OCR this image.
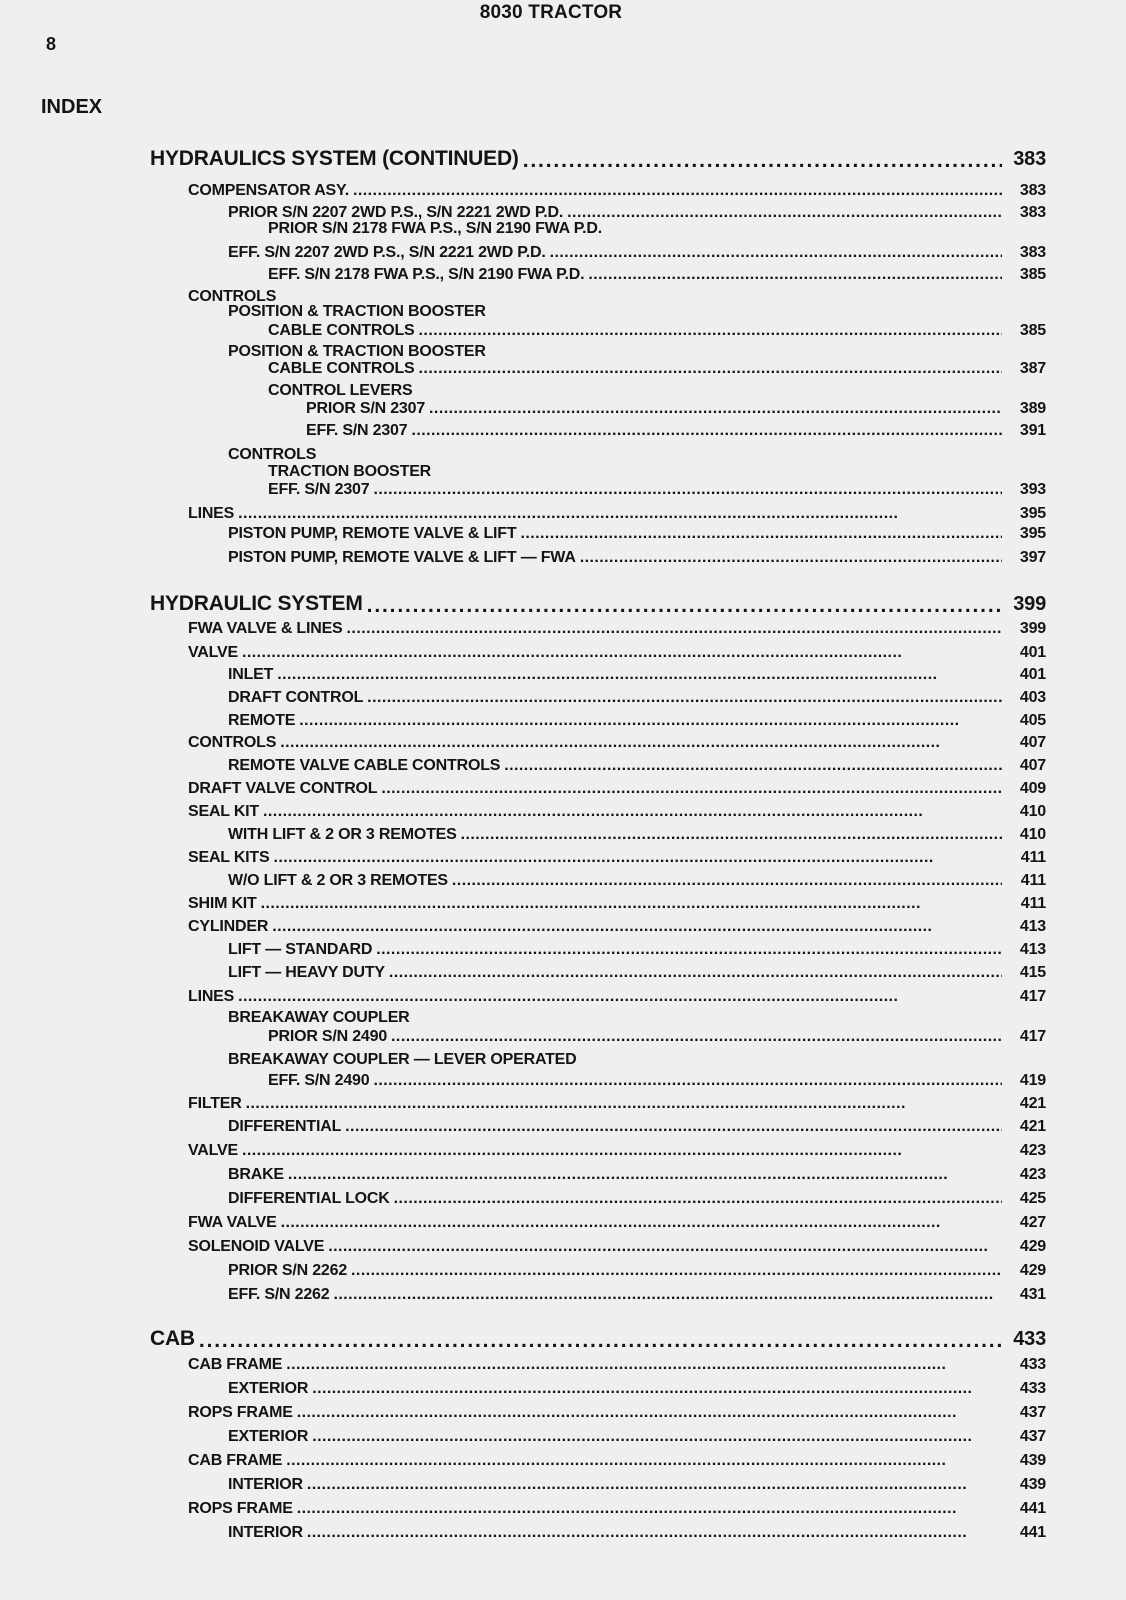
8030 TRACTOR
8
INDEX
HYDRAULICS SYSTEM (CONTINUED) . . .	383
COMPENSATOR ASY. . . .	383
PRIOR S/N 2207 2WD P.S., S/N 2221 2WD P.D. . . .	383
PRIOR S/N 2178 FWA P.S., S/N 2190 FWA P.D.
EFF. S/N 2207 2WD P.S., S/N 2221 2WD P.D. . . .	383
EFF. S/N 2178 FWA P.S., S/N 2190 FWA P.D. . . .	385
CONTROLS
POSITION & TRACTION BOOSTER
CABLE CONTROLS . . .	385
POSITION & TRACTION BOOSTER
CABLE CONTROLS . . .	387
CONTROL LEVERS
PRIOR S/N 2307 . . .	389
EFF. S/N 2307 . . .	391
CONTROLS
TRACTION BOOSTER
EFF. S/N 2307 . . .	393
LINES . . .	395
PISTON PUMP, REMOTE VALVE & LIFT . . .	395
PISTON PUMP, REMOTE VALVE & LIFT — FWA . . .	397
HYDRAULIC SYSTEM . . .	399
FWA VALVE & LINES . . .	399
VALVE . . .	401
INLET . . .	401
DRAFT CONTROL . . .	403
REMOTE . . .	405
CONTROLS . . .	407
REMOTE VALVE CABLE CONTROLS . . .	407
DRAFT VALVE CONTROL . . .	409
SEAL KIT . . .	410
WITH LIFT & 2 OR 3 REMOTES . . .	410
SEAL KITS . . .	411
W/O LIFT & 2 OR 3 REMOTES . . .	411
SHIM KIT . . .	411
CYLINDER . . .	413
LIFT — STANDARD . . .	413
LIFT — HEAVY DUTY . . .	415
LINES . . .	417
BREAKAWAY COUPLER
PRIOR S/N 2490 . . .	417
BREAKAWAY COUPLER — LEVER OPERATED
EFF. S/N 2490 . . .	419
FILTER . . .	421
DIFFERENTIAL . . .	421
VALVE . . .	423
BRAKE . . .	423
DIFFERENTIAL LOCK . . .	425
FWA VALVE . . .	427
SOLENOID VALVE . . .	429
PRIOR S/N 2262 . . .	429
EFF. S/N 2262 . . .	431
CAB . . .	433
CAB FRAME . . .	433
EXTERIOR . . .	433
ROPS FRAME . . .	437
EXTERIOR . . .	437
CAB FRAME . . .	439
INTERIOR . . .	439
ROPS FRAME . . .	441
INTERIOR . . .	441
